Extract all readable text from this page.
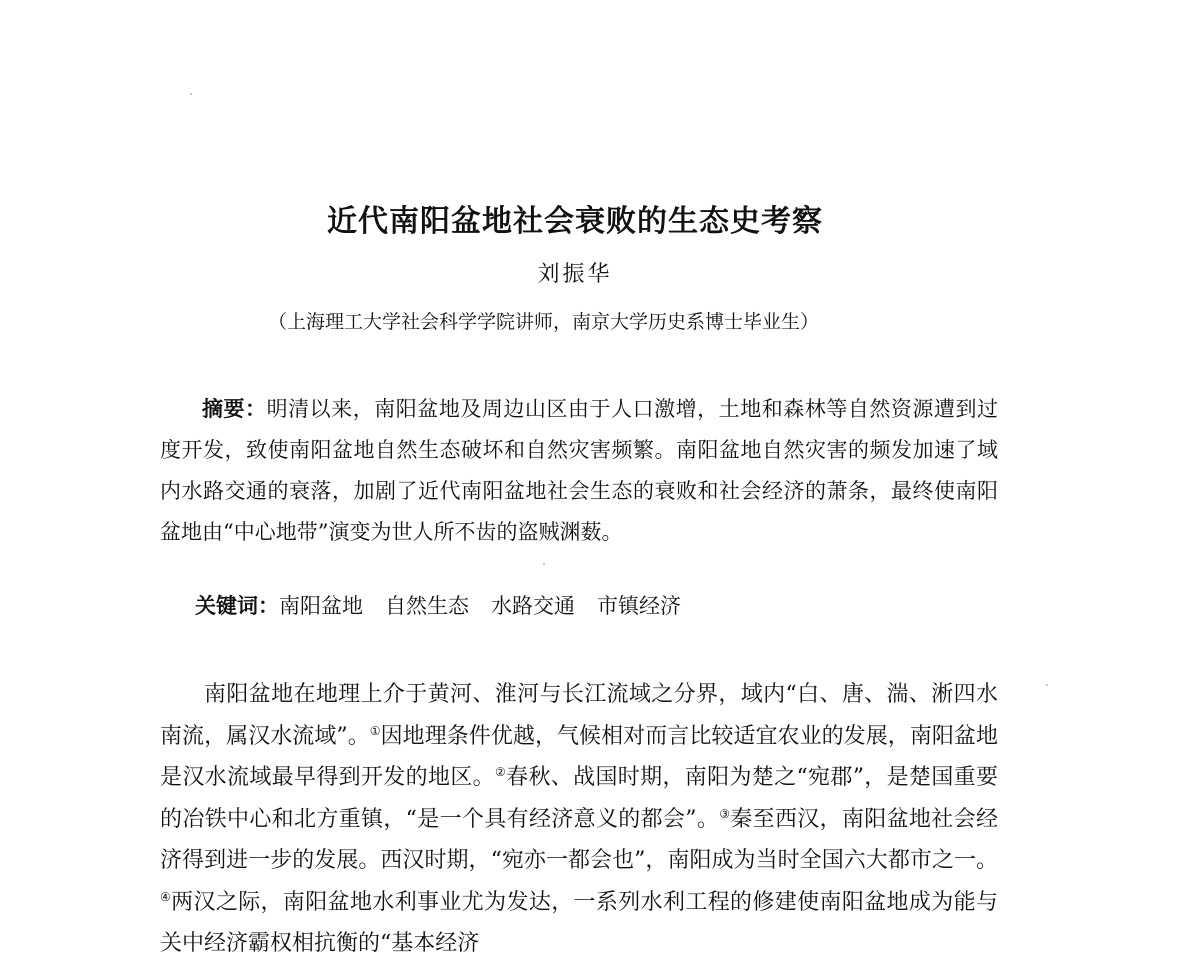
近代南阳盆地社会衰败的生态史考察
刘振华
（上海理工大学社会科学学院讲师，南京大学历史系博士毕业生）
摘要：明清以来，南阳盆地及周边山区由于人口激增，土地和森林等自然资源遭到过度开发，致使南阳盆地自然生态破坏和自然灾害频繁。南阳盆地自然灾害的频发加速了域内水路交通的衰落，加剧了近代南阳盆地社会生态的衰败和社会经济的萧条，最终使南阳盆地由“中心地带”演变为世人所不齿的盗贼渊薮。
关键词：南阳盆地 自然生态 水路交通 市镇经济
南阳盆地在地理上介于黄河、淮河与长江流域之分界，域内“白、唐、湍、淅四水南流，属汉水流域”。①因地理条件优越，气候相对而言比较适宜农业的发展，南阳盆地是汉水流域最早得到开发的地区。②春秋、战国时期，南阳为楚之“宛郡”，是楚国重要的冶铁中心和北方重镇，“是一个具有经济意义的都会”。③秦至西汉，南阳盆地社会经济得到进一步的发展。西汉时期，“宛亦一都会也”，南阳成为当时全国六大都市之一。④两汉之际，南阳盆地水利事业尤为发达，一系列水利工程的修建使南阳盆地成为能与关中经济霸权相抗衡的“基本经济
